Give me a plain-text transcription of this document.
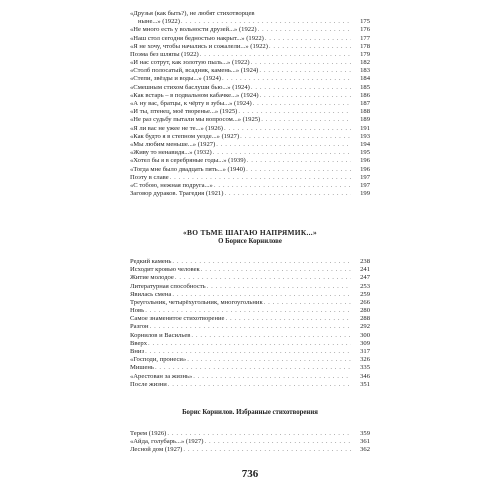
«Друзья (как быть?), не любят стихотворцев
ныне...» (1922) . . .	175
«Не много есть у вольности друзей...» (1922) . . .	176
«Наш стол сегодня бедностью накрыт...» (1922) . . .	177
«Я не хочу, чтобы начались и сожалели...» (1922) . . .	178
Поэма без шляпы (1922) . . .	179
«И нас сотрут, как золотую пыль...» (1922) . . .	182
«Столб полосатый, всадник, камень...» (1924) . . .	183
«Степи, звёзды и воды...» (1924) . . .	184
«Смешным стихом баслуши бью...» (1924) . . .	185
«Как встарь – в подвальном кабачке...» (1924) . . .	186
«А ну вас, братцы, к чёрту в зубы...» (1924) . . .	187
«И ты, птенец, моё творенье...» (1925) . . .	188
«Не раз судьбу пытали мы вопросом...» (1925) . . .	189
«Я ли вас не ужее не те...» (1926) . . .	191
«Как будто я в степном уезде...» (1927) . . .	193
«Мы любим меньше...» (1927) . . .	194
«Живу то ненавидя...» (1932) . . .	195
«Хотел бы я в серебряные годы...» (1939) . . .	196
«Тогда мне было двадцать пять...» (1940) . . .	196
Поэту в славе . . .	197
«С тобою, нежная подруга...» . . .	197
Заговор дураков. Трагедия (1921) . . .	199
«ВО ТЬМЕ ШАГАЮ НАПРЯМИК...»
О Борисе Корнилове
Редкий камень . . .	238
Исходит кровью человек . . .	241
Житие молодое . . .	247
Литературная способность . . .	253
Явилась смена . . .	259
Треугольник, четырёхугольник, многоугольник . . .	266
Новь . . .	280
Самое знаменитое стихотворение . . .	288
Разгон . . .	292
Корнилов и Васильев . . .	300
Вверх . . .	309
Вниз . . .	317
«Господи, пронеси» . . .	326
Мишень . . .	335
«Арестован за жизнь» . . .	346
После жизни . . .	351
Борис Корнилов. Избранные стихотворения
Терем (1926) . . .	359
«Айда, голубарь...» (1927) . . .	361
Лесной дом (1927) . . .	362
736
